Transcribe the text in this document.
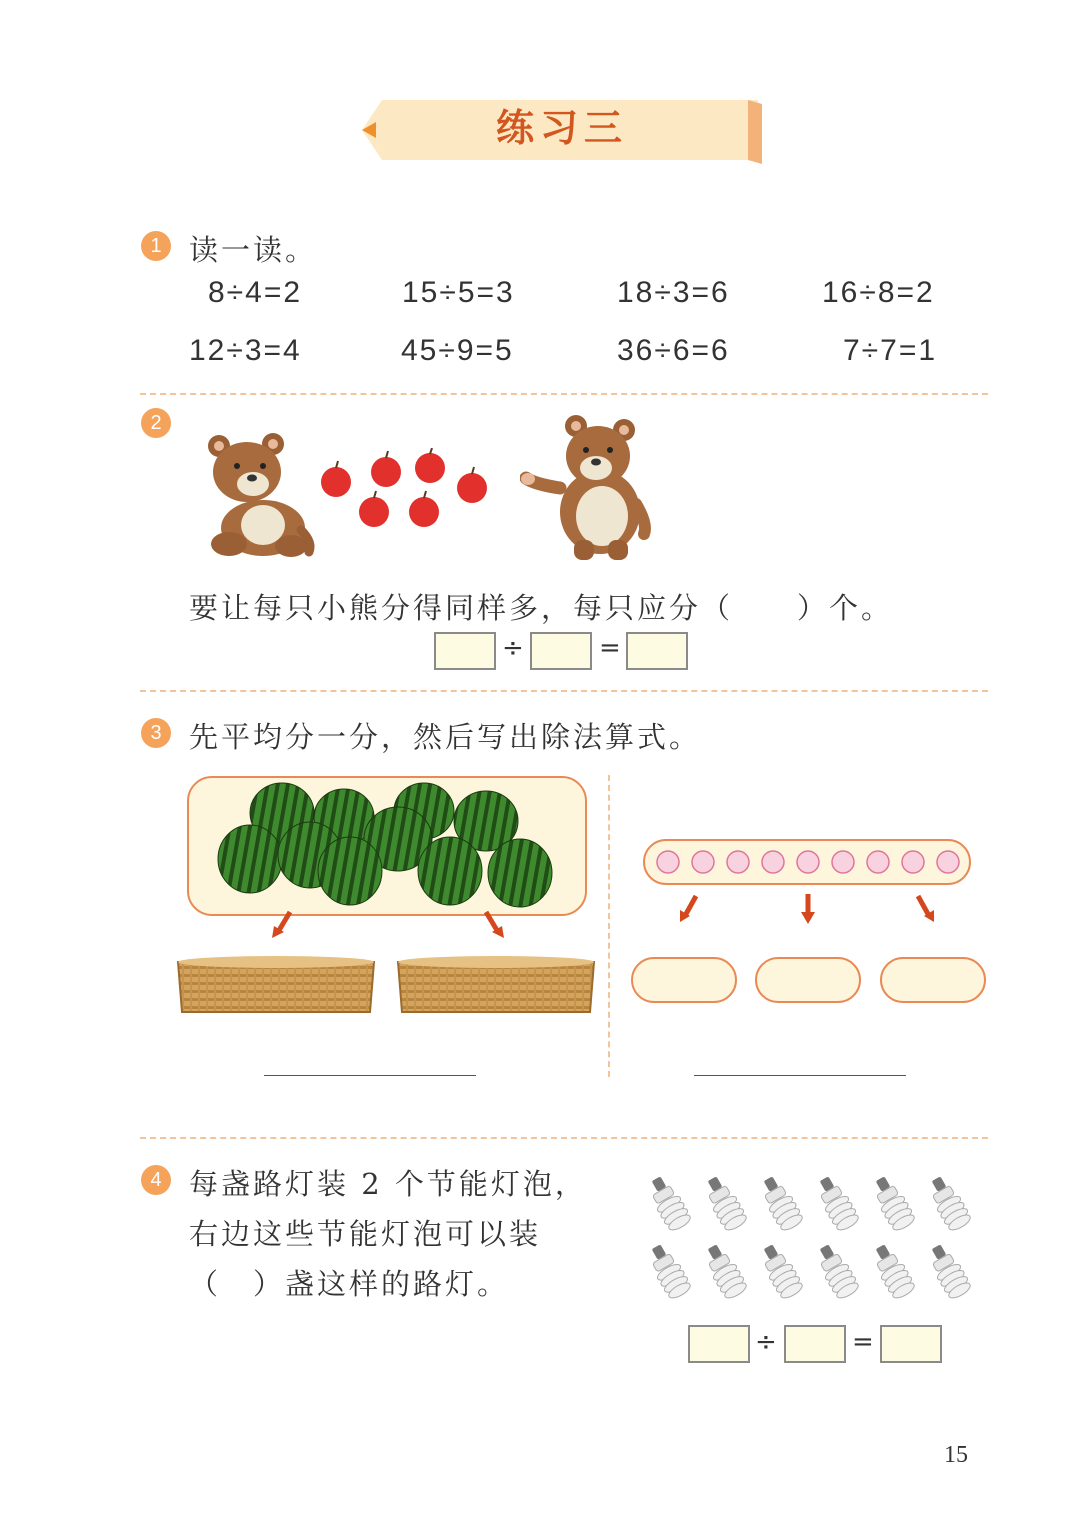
练习三
1 读一读。
8÷4=2	15÷5=3	18÷3=6	16÷8=2
12÷3=4	45÷9=5	36÷6=6	7÷7=1
2
要让每只小熊分得同样多，每只应分（　　）个。
÷	=
3 先平均分一分，然后写出除法算式。
4 每盏路灯装 2 个节能灯泡，
右边这些节能灯泡可以装
（　）盏这样的路灯。
÷	=
15
